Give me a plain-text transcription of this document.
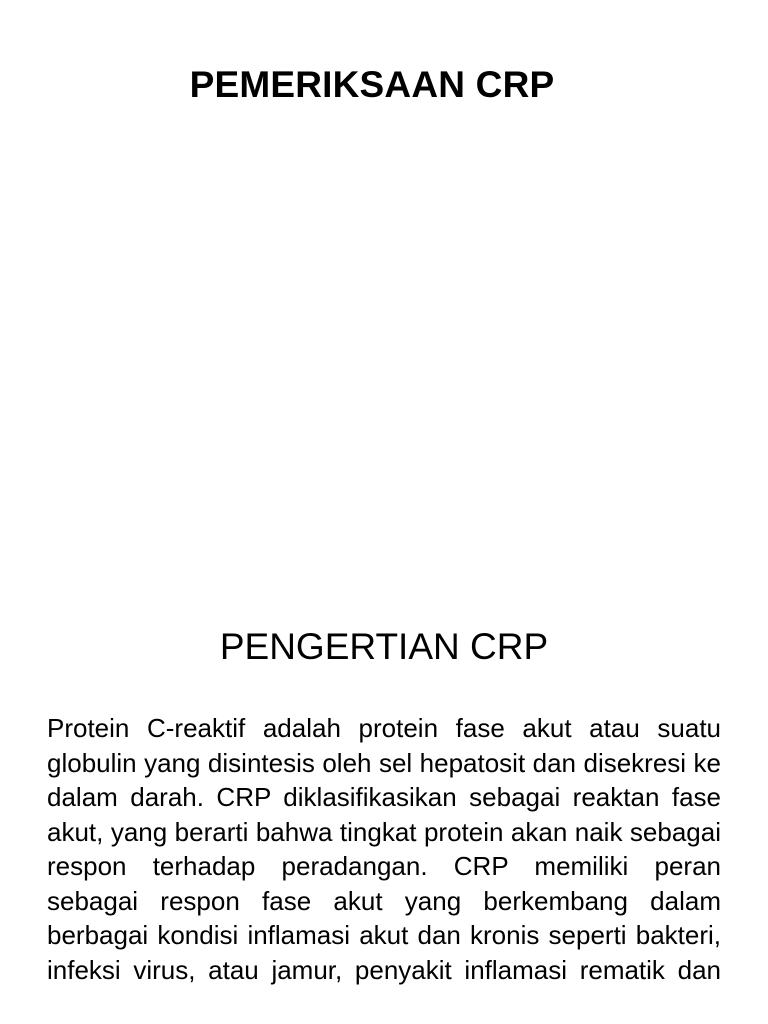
PEMERIKSAAN CRP
PENGERTIAN CRP

Protein C-reaktif adalah protein fase akut atau suatu globulin yang disintesis oleh sel hepatosit dan disekresi ke dalam darah. CRP diklasifikasikan sebagai reaktan fase akut, yang berarti bahwa tingkat protein akan naik sebagai respon terhadap peradangan. CRP memiliki peran sebagai respon fase akut yang berkembang dalam berbagai kondisi inflamasi akut dan kronis seperti bakteri, infeksi virus, atau jamur, penyakit inflamasi rematik dan
